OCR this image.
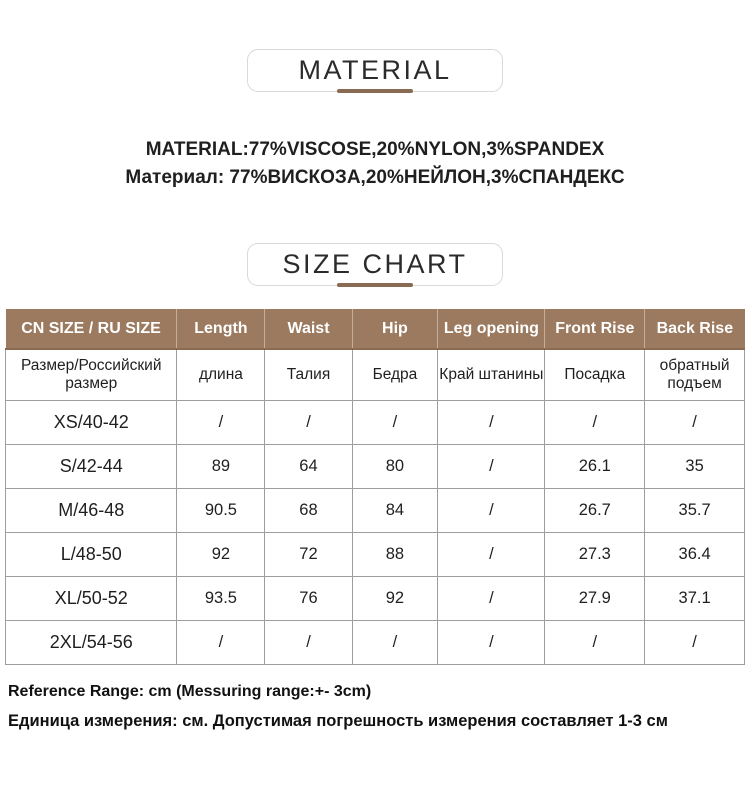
MATERIAL
MATERIAL:77%VISCOSE,20%NYLON,3%SPANDEX
Материал: 77%ВИСКОЗА,20%НЕЙЛОН,3%СПАНДЕКС
SIZE CHART
CN SIZE / RU SIZE	Length	Waist	Hip	Leg opening	Front Rise	Back Rise
Размер/Российский размер	длина	Талия	Бедра	Край штанины	Посадка	обратный подъем
XS/40-42	/	/	/	/	/	/
S/42-44	89	64	80	/	26.1	35
M/46-48	90.5	68	84	/	26.7	35.7
L/48-50	92	72	88	/	27.3	36.4
XL/50-52	93.5	76	92	/	27.9	37.1
2XL/54-56	/	/	/	/	/	/
Reference Range: cm (Messuring range:+- 3cm)
Единица измерения: см. Допустимая погрешность измерения составляет 1-3 см
